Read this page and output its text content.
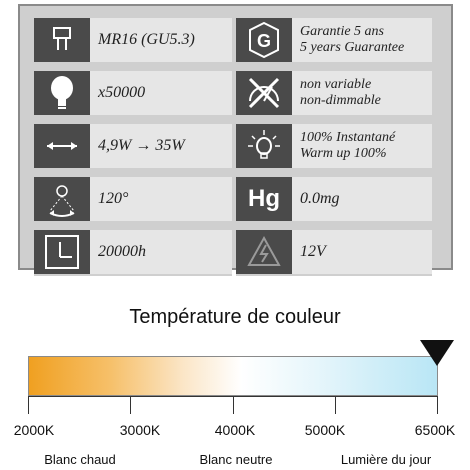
MR16 (GU5.3)	G Garantie 5 ans
5 years Guarantee
x50000	non variable
non-dimmable
4,9W → 35W	100% Instantané
Warm up 100%
120°	Hg 0.0mg
20000h	12V
Température de couleur
2000K	3000K	4000K	5000K	6500K
Blanc chaud	Blanc neutre	Lumière du jour
